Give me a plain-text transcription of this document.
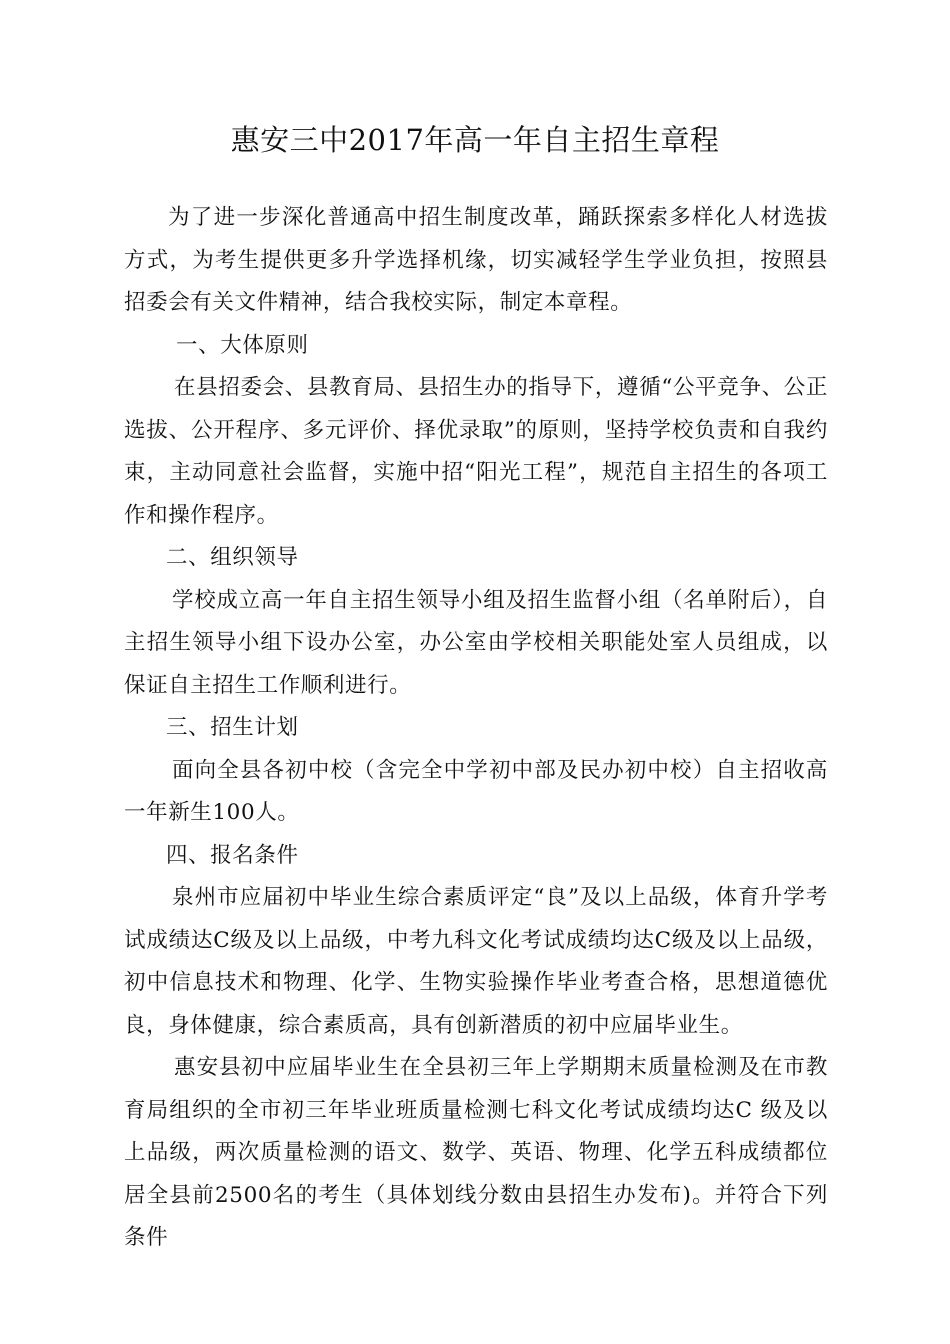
惠安三中2017年高一年自主招生章程

为了进一步深化普通高中招生制度改革，踊跃探索多样化人材选拔方式，为考生提供更多升学选择机缘，切实减轻学生学业负担，按照县招委会有关文件精神，结合我校实际，制定本章程。

一、大体原则

在县招委会、县教育局、县招生办的指导下，遵循“公平竞争、公正选拔、公开程序、多元评价、择优录取”的原则，坚持学校负责和自我约束，主动同意社会监督，实施中招“阳光工程”，规范自主招生的各项工作和操作程序。

二、组织领导

学校成立高一年自主招生领导小组及招生监督小组（名单附后），自主招生领导小组下设办公室，办公室由学校相关职能处室人员组成，以保证自主招生工作顺利进行。

三、招生计划

面向全县各初中校（含完全中学初中部及民办初中校）自主招收高一年新生100人。

四、报名条件

泉州市应届初中毕业生综合素质评定“良”及以上品级，体育升学考试成绩达C级及以上品级，中考九科文化考试成绩均达C级及以上品级，初中信息技术和物理、化学、生物实验操作毕业考查合格，思想道德优良，身体健康，综合素质高，具有创新潜质的初中应届毕业生。

惠安县初中应届毕业生在全县初三年上学期期末质量检测及在市教育局组织的全市初三年毕业班质量检测七科文化考试成绩均达C 级及以上品级，两次质量检测的语文、数学、英语、物理、化学五科成绩都位居全县前2500名的考生（具体划线分数由县招生办发布)。并符合下列条件
